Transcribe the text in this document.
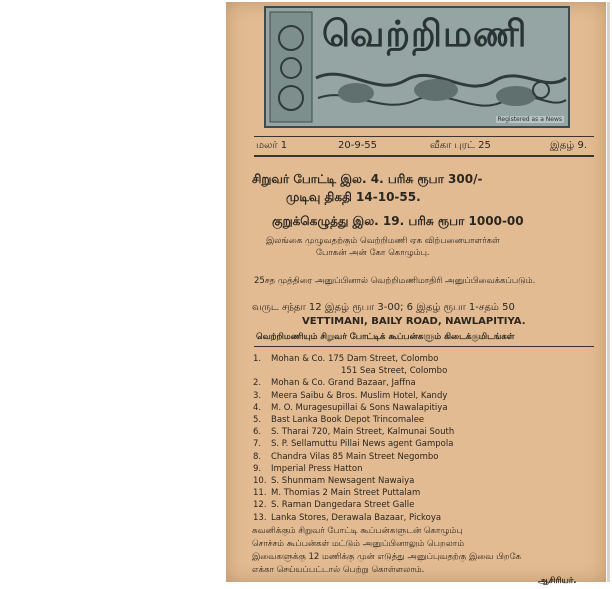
வெற்றிமணி
Registered as a News
மலர் 1	20-9-55	வீகா புரட் 25	இதழ் 9.
சிறுவர் போட்டி இல. 4. பரிசு ரூபா 300/-
முடிவு திகதி 14-10-55.
குறுக்கெழுத்து இல. 19. பரிசு ரூபா 1000-00
இலங்கை முழுவதற்கும் வெற்றிமணி ஏக விற்பனையாளர்கள்
போகன் அன் கோ கொழும்பு.
25சத முத்திரை அனுப்பினால் வெற்றிமணிமாதிரி அனுப்பிவைக்கப்படும்.
வருட சந்தா 12 இதழ் ரூபா 3-00; 6 இதழ் ரூபா 1-சதம் 50
VETTIMANI, BAILY ROAD, NAWLAPITIYA.
வெற்றிமணியும் சிறுவர் போட்டிக் கூப்பன்களும் கிடைக்குமிடங்கள்
1. Mohan & Co. 175 Dam Street, Colombo
151 Sea Street, Colombo
2. Mohan & Co. Grand Bazaar, Jaffna
3. Meera Saibu & Bros. Muslim Hotel, Kandy
4. M. O. Muragesupillai & Sons Nawalapitiya
5. Bast Lanka Book Depot Trincomalee
6. S. Tharai 720, Main Street, Kalmunai South
7. S. P. Sellamuttu Pillai News agent Gampola
8. Chandra Vilas 85 Main Street Negombo
9. Imperial Press Hatton
10. S. Shunmam Newsagent Nawaiya
11. M. Thomias 2 Main Street Puttalam
12. S. Raman Dangedara Street Galle
13. Lanka Stores, Derawala Bazaar, Pickoya
சுவனிக்கும் சிறுவர் போட்டி கூப்பன்களுடன் கொழும்பு
சொச்சம் கூப்பன்கள் மட்டும் அனுப்பினாலும் பெறலாம்
இவைகளுக்கு 12 மணிக்கு முன் எடுத்து அனுப்புவதற்கு இவை பிறகே
எக்கா செய்யப்பட்டால் பெற்று கொள்ளலாம்.
ஆசிரியர்.
